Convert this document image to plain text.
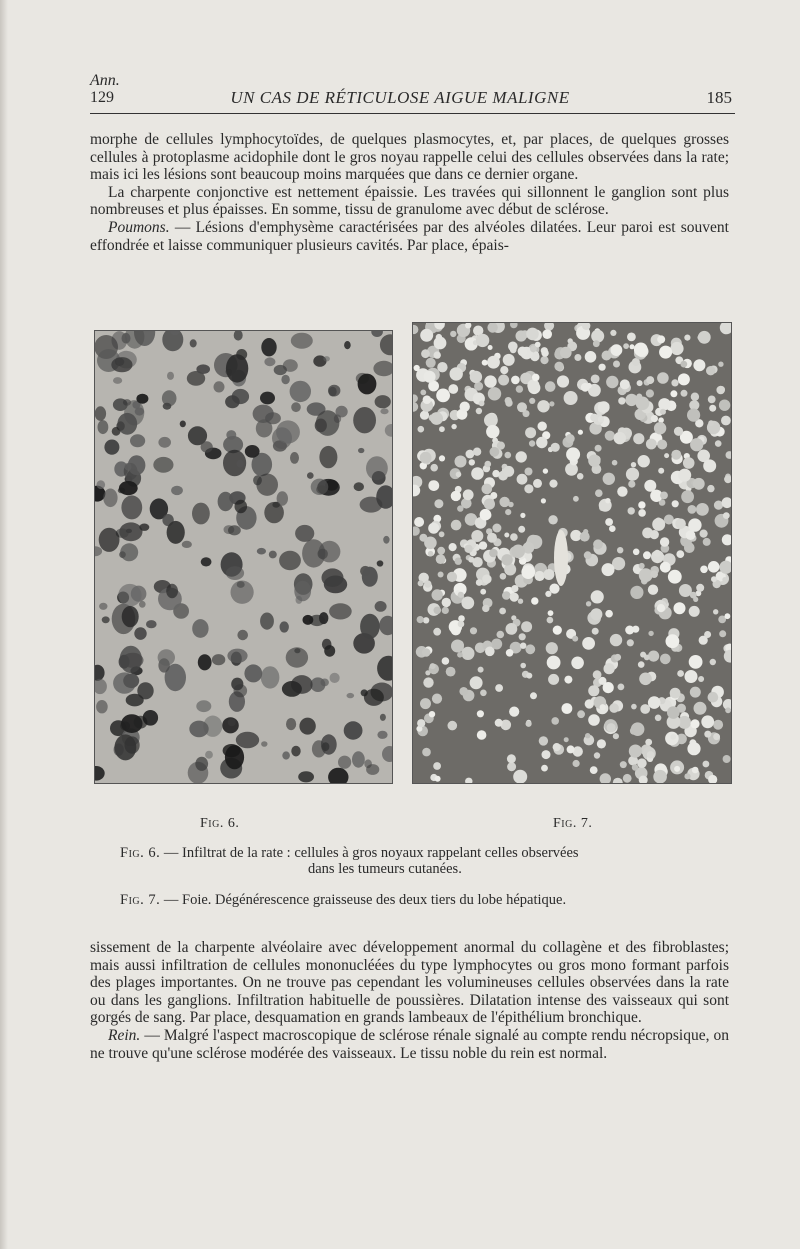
Ann.
129	UN CAS DE RÉTICULOSE AIGUE MALIGNE	185

morphe de cellules lymphocytoïdes, de quelques plasmocytes, et, par places, de quelques grosses cellules à protoplasme acidophile dont le gros noyau rappelle celui des cellules observées dans la rate; mais ici les lésions sont beaucoup moins marquées que dans ce dernier organe.

La charpente conjonctive est nettement épaissie. Les travées qui sillonnent le ganglion sont plus nombreuses et plus épaisses. En somme, tissu de granulome avec début de sclérose.

Poumons. — Lésions d'emphysème caractérisées par des alvéoles dilatées. Leur paroi est souvent effondrée et laisse communiquer plusieurs cavités. Par place, épais-

Fig. 6.	Fig. 7.
Fig. 6. — Infiltrat de la rate : cellules à gros noyaux rappelant celles observées
dans les tumeurs cutanées.
Fig. 7. — Foie. Dégénérescence graisseuse des deux tiers du lobe hépatique.

sissement de la charpente alvéolaire avec développement anormal du collagène et des fibroblastes; mais aussi infiltration de cellules mononucléées du type lymphocytes ou gros mono formant parfois des plages importantes. On ne trouve pas cependant les volumineuses cellules observées dans la rate ou dans les ganglions. Infiltration habituelle de poussières. Dilatation intense des vaisseaux qui sont gorgés de sang. Par place, desquamation en grands lambeaux de l'épithélium bronchique.

Rein. — Malgré l'aspect macroscopique de sclérose rénale signalé au compte rendu nécropsique, on ne trouve qu'une sclérose modérée des vaisseaux. Le tissu noble du rein est normal.
